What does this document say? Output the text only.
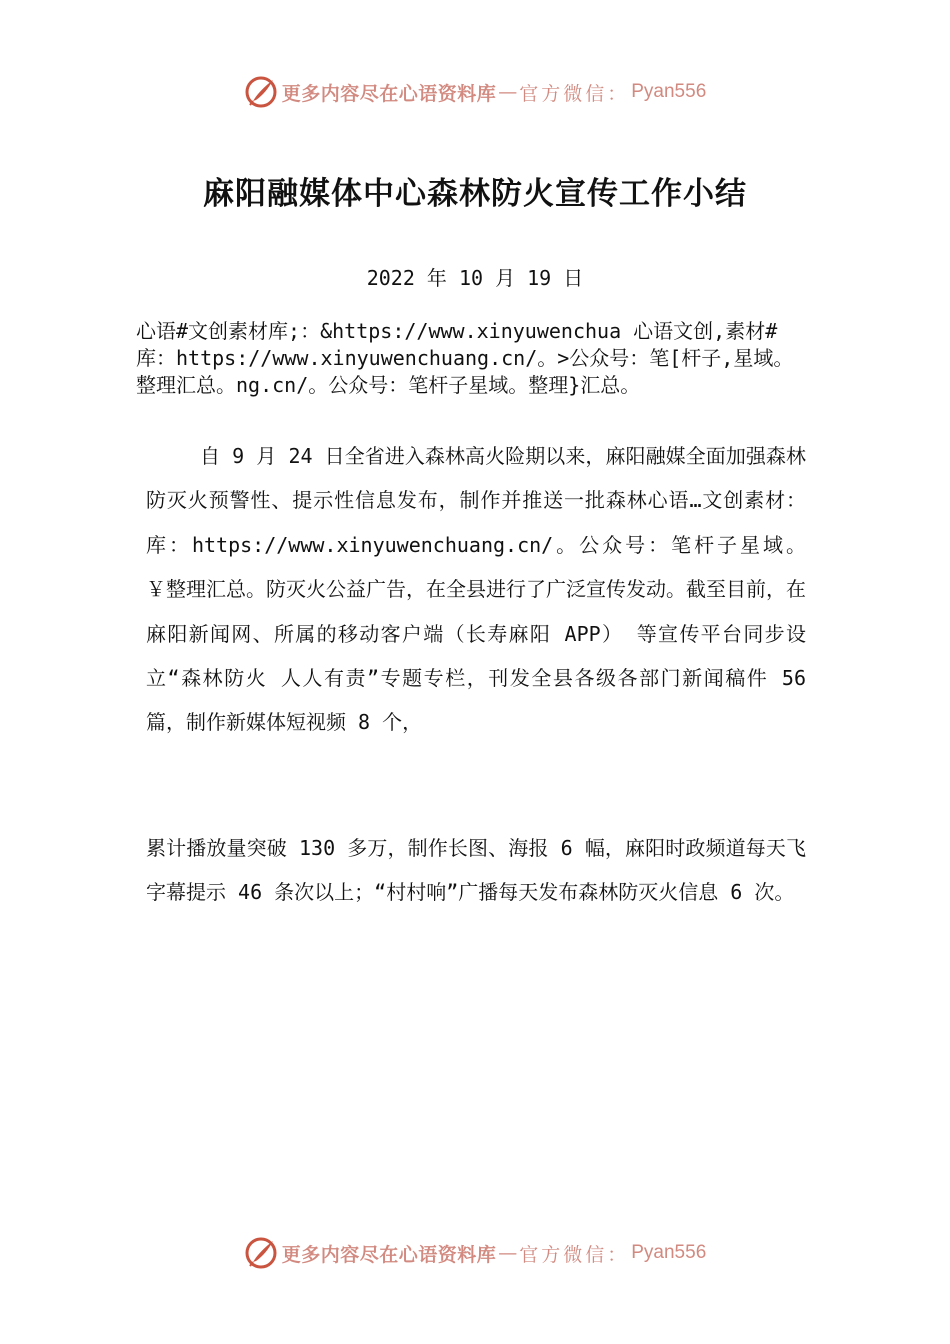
更多内容尽在心语资料库 — 官方微信： Pyan556
麻阳融媒体中心森林防火宣传工作小结
2022 年 10 月 19 日
心语#文创素材库;：&https://www.xinyuwenchua 心语文创,素材#库：https://www.xinyuwenchuang.cn/。>公众号：笔[杆子,星域。整理汇总。ng.cn/。公众号：笔杆子星域。整理}汇总。
自 9 月 24 日全省进入森林高火险期以来，麻阳融媒全面加强森林防灭火预警性、提示性信息发布，制作并推送一批森林心语…文创素材：库：https://www.xinyuwenchuang.cn/。公众号：笔杆子星域。￥整理汇总。防灭火公益广告，在全县进行了广泛宣传发动。截至目前，在麻阳新闻网、所属的移动客户端（长寿麻阳 APP） 等宣传平台同步设立“森林防火 人人有责”专题专栏，刊发全县各级各部门新闻稿件 56 篇，制作新媒体短视频 8 个，
累计播放量突破 130 多万，制作长图、海报 6 幅，麻阳时政频道每天飞字幕提示 46 条次以上；“村村响”广播每天发布森林防灭火信息 6 次。
更多内容尽在心语资料库 — 官方微信： Pyan556
